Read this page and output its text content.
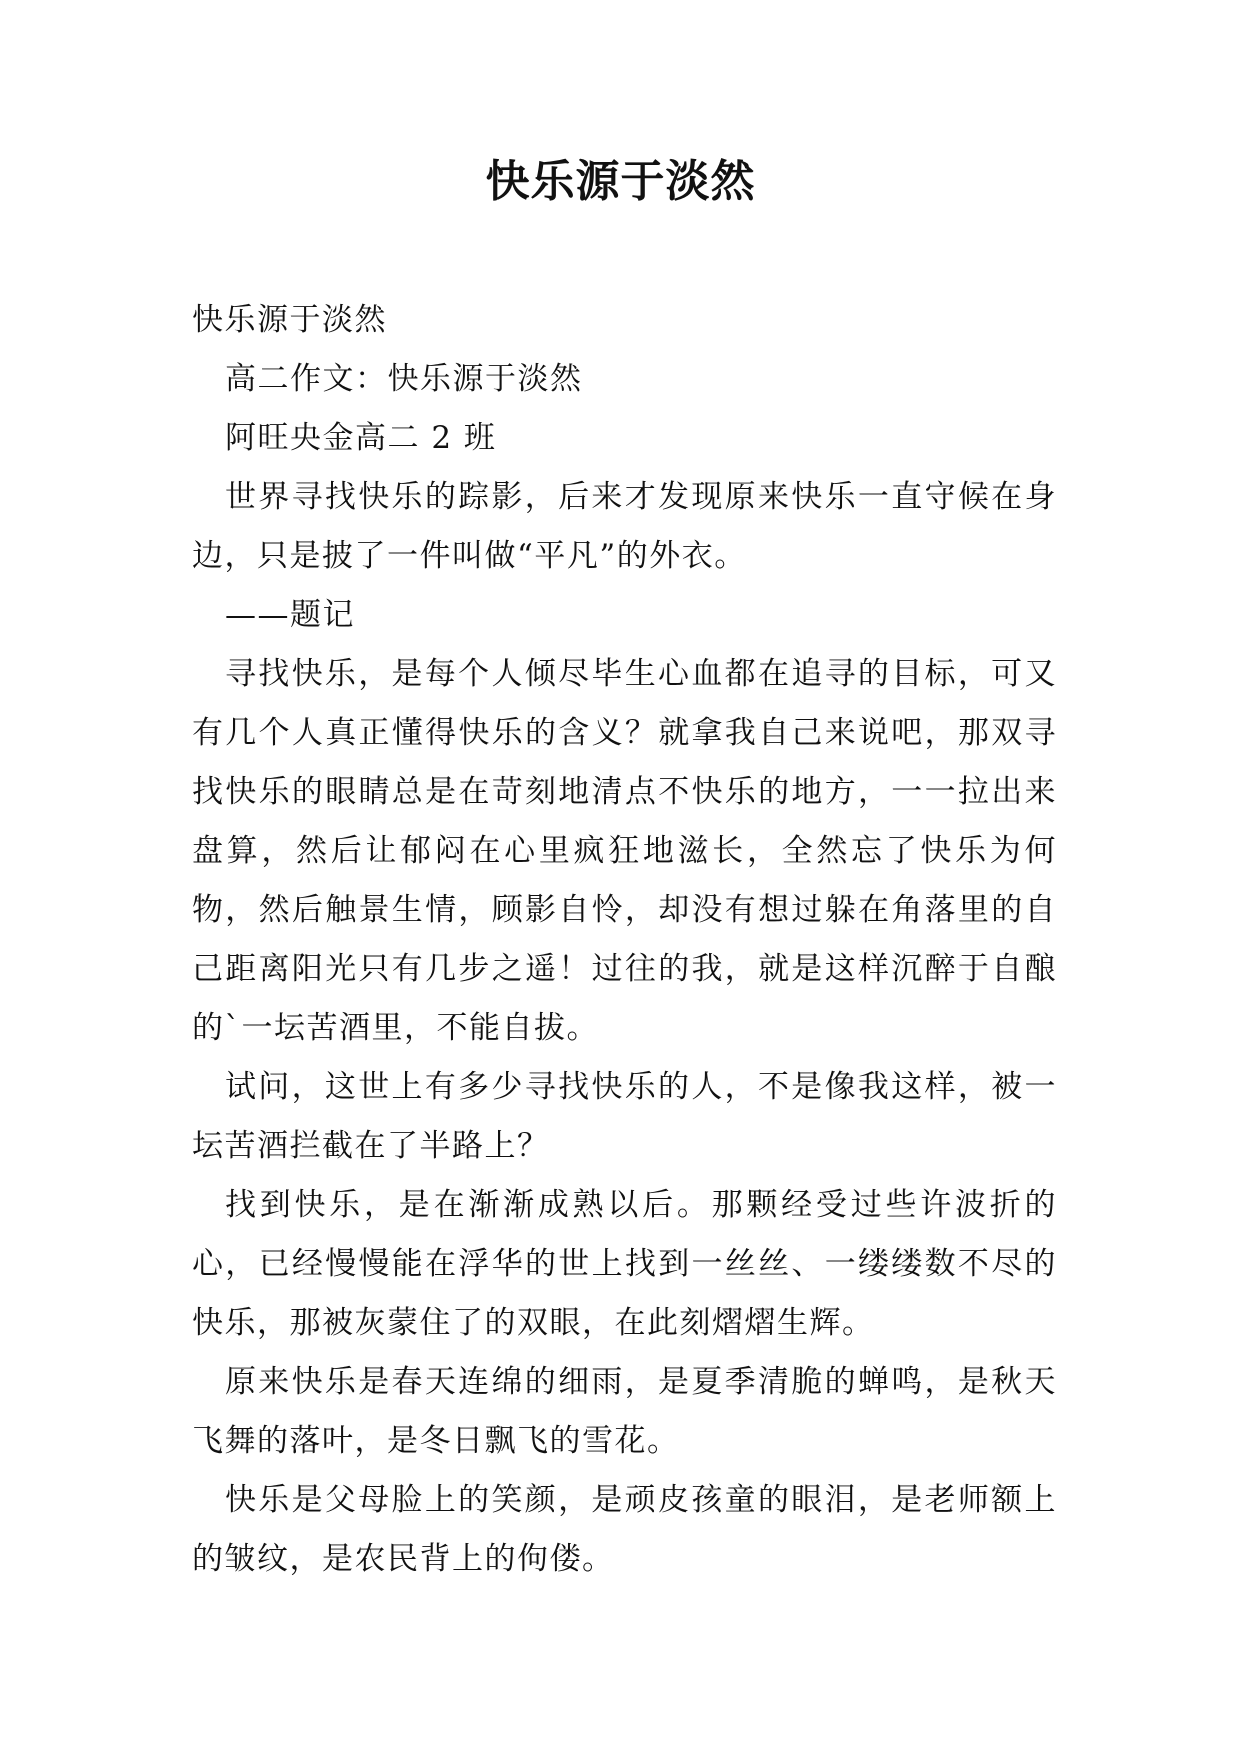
快乐源于淡然

快乐源于淡然

高二作文：快乐源于淡然

阿旺央金高二 2 班

世界寻找快乐的踪影，后来才发现原来快乐一直守候在身边，只是披了一件叫做“平凡”的外衣。

——题记

寻找快乐，是每个人倾尽毕生心血都在追寻的目标，可又有几个人真正懂得快乐的含义？就拿我自己来说吧，那双寻找快乐的眼睛总是在苛刻地清点不快乐的地方，一一拉出来盘算，然后让郁闷在心里疯狂地滋长，全然忘了快乐为何物，然后触景生情，顾影自怜，却没有想过躲在角落里的自己距离阳光只有几步之遥！过往的我，就是这样沉醉于自酿的`一坛苦酒里，不能自拔。

试问，这世上有多少寻找快乐的人，不是像我这样，被一坛苦酒拦截在了半路上？

找到快乐，是在渐渐成熟以后。那颗经受过些许波折的心，已经慢慢能在浮华的世上找到一丝丝、一缕缕数不尽的快乐，那被灰蒙住了的双眼，在此刻熠熠生辉。

原来快乐是春天连绵的细雨，是夏季清脆的蝉鸣，是秋天飞舞的落叶，是冬日飘飞的雪花。

快乐是父母脸上的笑颜，是顽皮孩童的眼泪，是老师额上的皱纹，是农民背上的佝偻。
